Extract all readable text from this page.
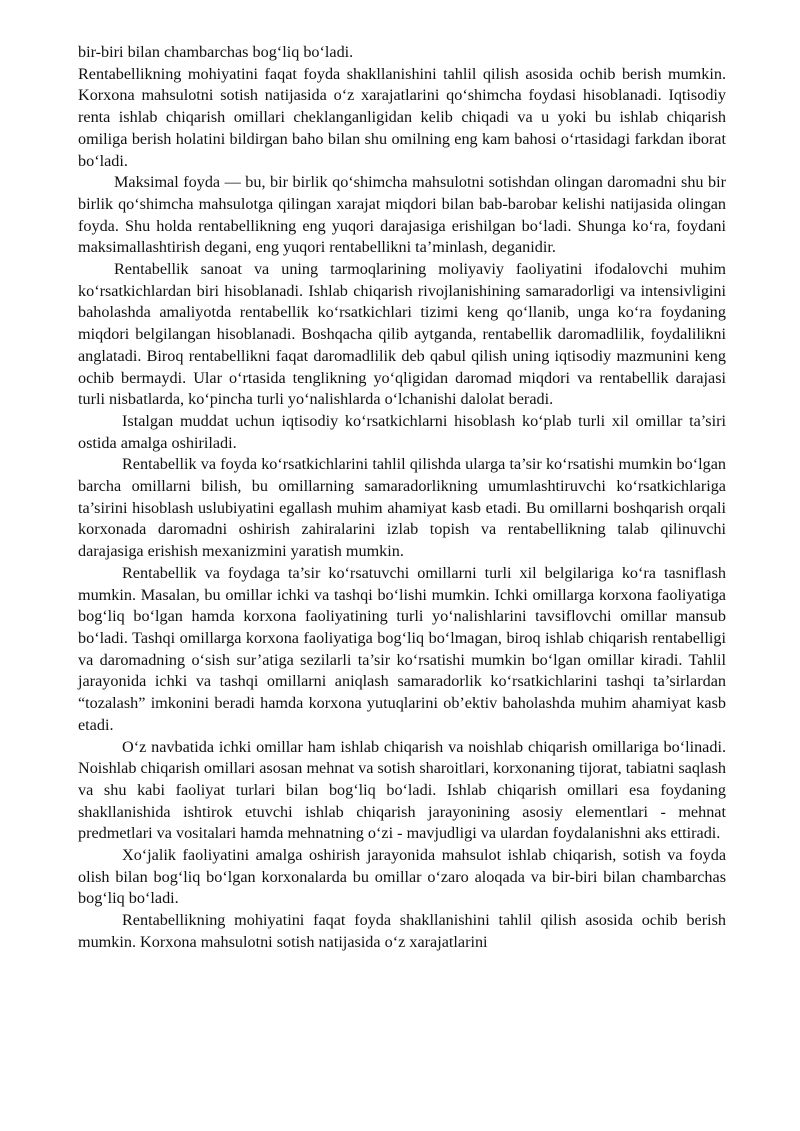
bir-biri bilan chambarchas bog‘liq bo‘ladi.

Rentabellikning mohiyatini faqat foyda shakllanishini tahlil qilish asosida ochib berish mumkin. Korxona mahsulotni sotish natijasida o‘z xarajatlarini qo‘shimcha foydasi hisoblanadi. Iqtisodiy renta ishlab chiqarish omillari cheklanganligidan kelib chiqadi va u yoki bu ishlab chiqarish omiliga berish holatini bildirgan baho bilan shu omilning eng kam bahosi o‘rtasidagi farkdan iborat bo‘ladi.

Maksimal foyda — bu, bir birlik qo‘shimcha mahsulotni sotishdan olingan daromadni shu bir birlik qo‘shimcha mahsulotga qilingan xarajat miqdori bilan bab-barobar kelishi natijasida olingan foyda. Shu holda rentabellikning eng yuqori darajasiga erishilgan bo‘ladi. Shunga ko‘ra, foydani maksimallashtirish degani, eng yuqori rentabellikni ta’minlash, deganidir.

Rentabellik sanoat va uning tarmoqlarining moliyaviy faoliyatini ifodalovchi muhim ko‘rsatkichlardan biri hisoblanadi. Ishlab chiqarish rivojlanishining samaradorligi va intensivligini baholashda amaliyotda rentabellik ko‘rsatkichlari tizimi keng qo‘llanib, unga ko‘ra foydaning miqdori belgilangan hisoblanadi. Boshqacha qilib aytganda, rentabellik daromadlilik, foydalilikni anglatadi. Biroq rentabellikni faqat daromadlilik deb qabul qilish uning iqtisodiy mazmunini keng ochib bermaydi. Ular o‘rtasida tenglikning yo‘qligidan daromad miqdori va rentabellik darajasi turli nisbatlarda, ko‘pincha turli yo‘nalishlarda o‘lchanishi dalolat beradi.

Istalgan muddat uchun iqtisodiy ko‘rsatkichlarni hisoblash ko‘plab turli xil omillar ta’siri ostida amalga oshiriladi.

Rentabellik va foyda ko‘rsatkichlarini tahlil qilishda ularga ta’sir ko‘rsatishi mumkin bo‘lgan barcha omillarni bilish, bu omillarning samaradorlikning umumlashtiruvchi ko‘rsatkichlariga ta’sirini hisoblash uslubiyatini egallash muhim ahamiyat kasb etadi. Bu omillarni boshqarish orqali korxonada daromadni oshirish zahiralarini izlab topish va rentabellikning talab qilinuvchi darajasiga erishish mexanizmini yaratish mumkin.

Rentabellik va foydaga ta’sir ko‘rsatuvchi omillarni turli xil belgilariga ko‘ra tasniflash mumkin. Masalan, bu omillar ichki va tashqi bo‘lishi mumkin. Ichki omillarga korxona faoliyatiga bog‘liq bo‘lgan hamda korxona faoliyatining turli yo‘nalishlarini tavsiflovchi omillar mansub bo‘ladi. Tashqi omillarga korxona faoliyatiga bog‘liq bo‘lmagan, biroq ishlab chiqarish rentabelligi va daromadning o‘sish sur’atiga sezilarli ta’sir ko‘rsatishi mumkin bo‘lgan omillar kiradi. Tahlil jarayonida ichki va tashqi omillarni aniqlash samaradorlik ko‘rsatkichlarini tashqi ta’sirlardan “tozalash” imkonini beradi hamda korxona yutuqlarini ob’ektiv baholashda muhim ahamiyat kasb etadi.

O‘z navbatida ichki omillar ham ishlab chiqarish va noishlab chiqarish omillariga bo‘linadi. Noishlab chiqarish omillari asosan mehnat va sotish sharoitlari, korxonaning tijorat, tabiatni saqlash va shu kabi faoliyat turlari bilan bog‘liq bo‘ladi. Ishlab chiqarish omillari esa foydaning shakllanishida ishtirok etuvchi ishlab chiqarish jarayonining asosiy elementlari - mehnat predmetlari va vositalari hamda mehnatning o‘zi - mavjudligi va ulardan foydalanishni aks ettiradi.

Xo‘jalik faoliyatini amalga oshirish jarayonida mahsulot ishlab chiqarish, sotish va foyda olish bilan bog‘liq bo‘lgan korxonalarda bu omillar o‘zaro aloqada va bir-biri bilan chambarchas bog‘liq bo‘ladi.

Rentabellikning mohiyatini faqat foyda shakllanishini tahlil qilish asosida ochib berish mumkin. Korxona mahsulotni sotish natijasida o‘z xarajatlarini
